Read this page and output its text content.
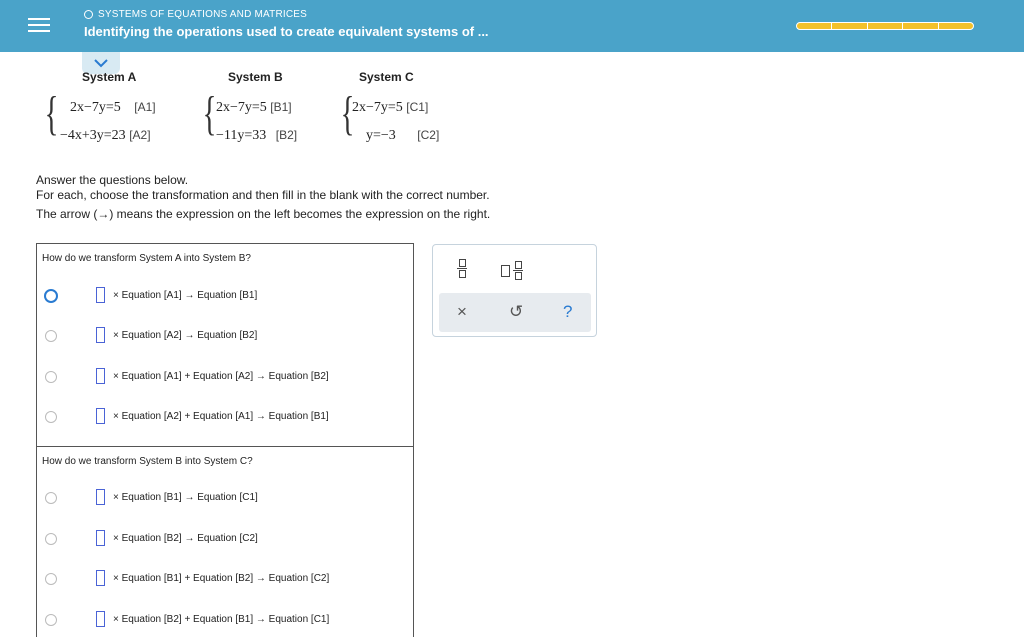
SYSTEMS OF EQUATIONS AND MATRICES
Identifying the operations used to create equivalent systems of ...
System A	System B	System C
{ 2x−7y=5 [A1]
−4x+3y=23 [A2] { 2x−7y=5 [B1]
−11y=33 [B2] {
2x−7y=5 [C1]
y=−3 [C2]
Answer the questions below.
For each, choose the transformation and then fill in the blank with the correct number.
The arrow (→) means the expression on the left becomes the expression on the right.
How do we transform System A into System B?
× Equation [A1] → Equation [B1]
× Equation [A2] → Equation [B2]
× Equation [A1] + Equation [A2] → Equation [B2]
× Equation [A2] + Equation [A1] → Equation [B1]
How do we transform System B into System C?
× Equation [B1] → Equation [C1]
× Equation [B2] → Equation [C2]
× Equation [B1] + Equation [B2] → Equation [C2]
× Equation [B2] + Equation [B1] → Equation [C1]
× ↺ ?
